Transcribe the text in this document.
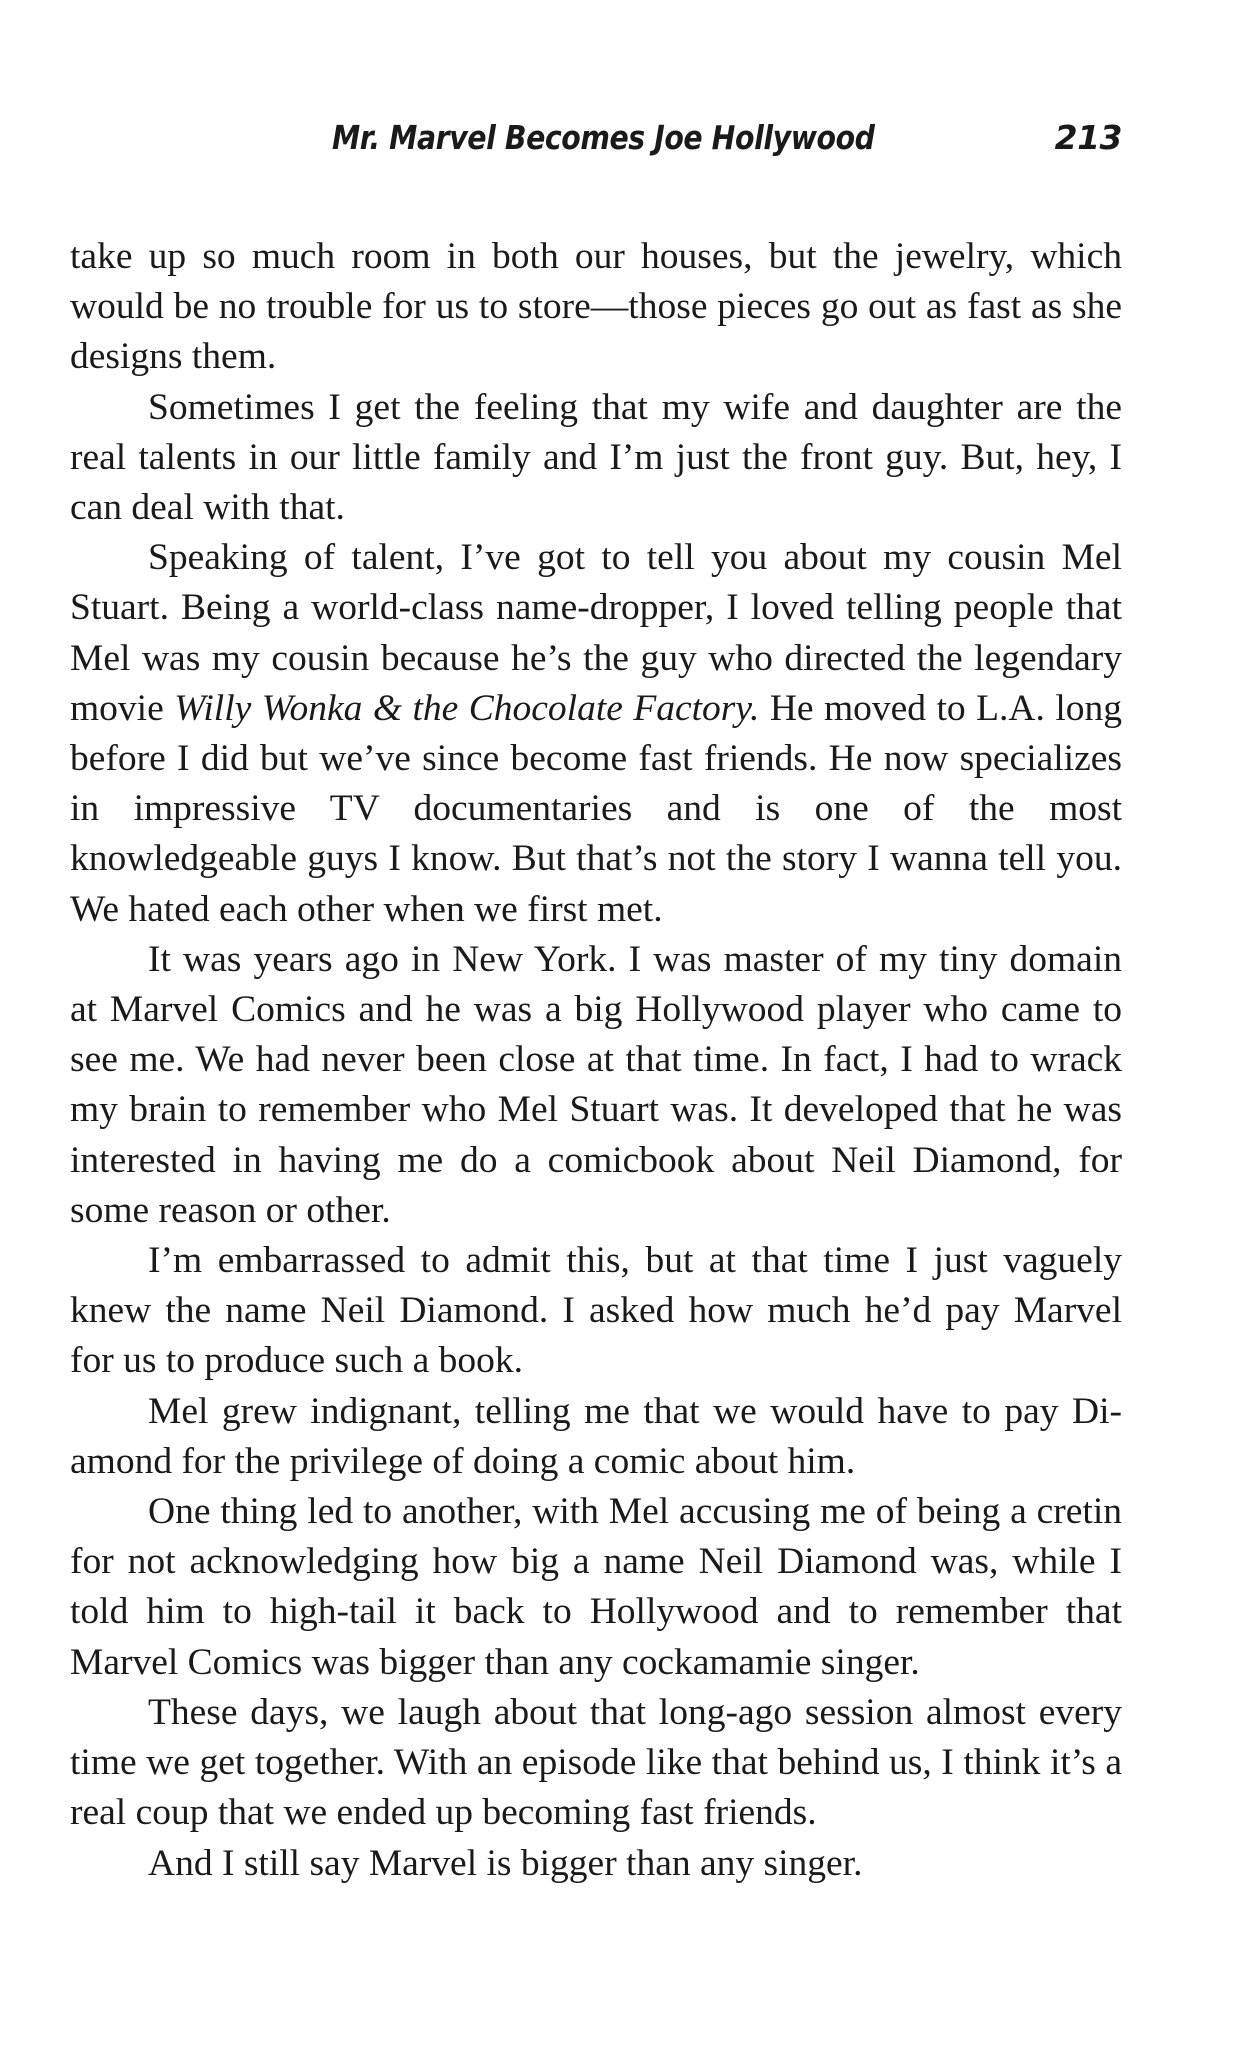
Mr. Marvel Becomes Joe Hollywood	213

take up so much room in both our houses, but the jewelry, which would be no trouble for us to store—those pieces go out as fast as she designs them.

Sometimes I get the feeling that my wife and daughter are the real talents in our little family and I’m just the front guy. But, hey, I can deal with that.

Speaking of talent, I’ve got to tell you about my cousin Mel Stuart. Being a world-class name-dropper, I loved telling people that Mel was my cousin because he’s the guy who directed the legendary movie Willy Wonka & the Chocolate Factory. He moved to L.A. long before I did but we’ve since become fast friends. He now specializes in impressive TV documentaries and is one of the most knowledgeable guys I know. But that’s not the story I wanna tell you. We hated each other when we first met.

It was years ago in New York. I was master of my tiny domain at Marvel Comics and he was a big Hollywood player who came to see me. We had never been close at that time. In fact, I had to wrack my brain to remember who Mel Stuart was. It developed that he was interested in having me do a comicbook about Neil Diamond, for some reason or other.

I’m embarrassed to admit this, but at that time I just vaguely knew the name Neil Diamond. I asked how much he’d pay Marvel for us to produce such a book.

Mel grew indignant, telling me that we would have to pay Diamond for the privilege of doing a comic about him.

One thing led to another, with Mel accusing me of being a cretin for not acknowledging how big a name Neil Diamond was, while I told him to high-tail it back to Hollywood and to remember that Marvel Comics was bigger than any cockamamie singer.

These days, we laugh about that long-ago session almost every time we get together. With an episode like that behind us, I think it’s a real coup that we ended up becoming fast friends.

And I still say Marvel is bigger than any singer.
